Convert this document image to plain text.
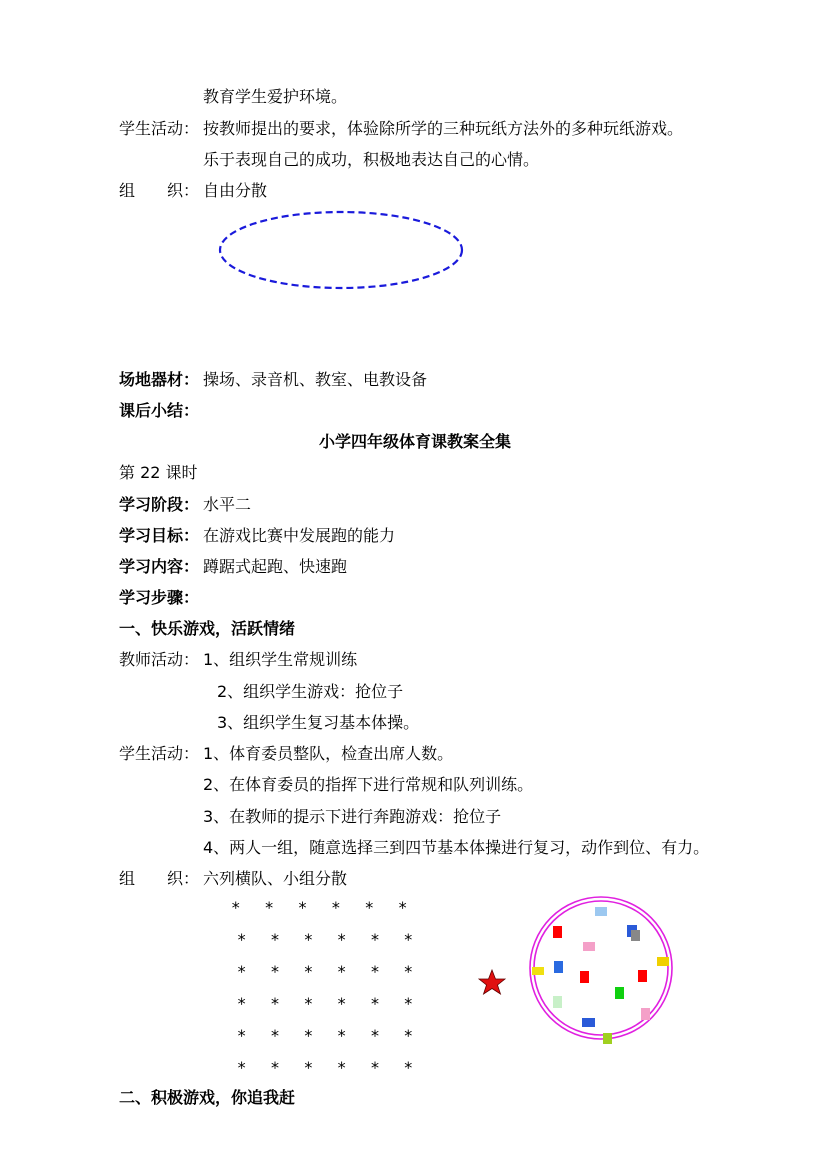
教育学生爱护环境。
学生活动： 按教师提出的要求，体验除所学的三种玩纸方法外的多种玩纸游戏。
乐于表现自己的成功，积极地表达自己的心情。
组　　织： 自由分散
场地器材： 操场、录音机、教室、电教设备
课后小结：
小学四年级体育课教案全集
第 22 课时
学习阶段： 水平二
学习目标： 在游戏比赛中发展跑的能力
学习内容： 蹲踞式起跑、快速跑
学习步骤：
一、快乐游戏，活跃情绪
教师活动： 1、组织学生常规训练
2、组织学生游戏：抢位子
3、组织学生复习基本体操。
学生活动： 1、体育委员整队，检查出席人数。
2、在体育委员的指挥下进行常规和队列训练。
3、在教师的提示下进行奔跑游戏：抢位子
4、两人一组，随意选择三到四节基本体操进行复习，动作到位、有力。
组　　织： 六列横队、小组分散
*	*	*	*	*	*
*	*	*	*	*	*
*	*	*	*	*	*
*	*	*	*	*	*
*	*	*	*	*	*
*	*	*	*	*	*
二、积极游戏，你追我赶
